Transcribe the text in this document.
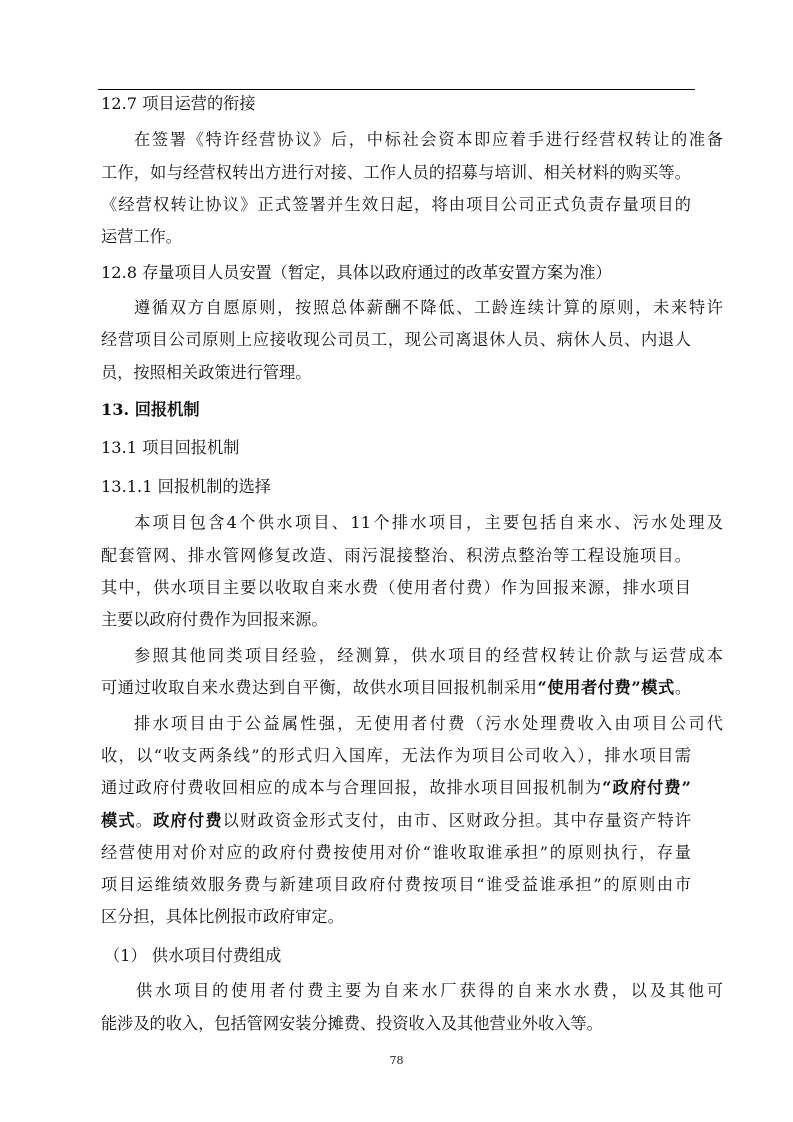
12.7 项目运营的衔接
在签署《特许经营协议》后，中标社会资本即应着手进行经营权转让的准备
工作，如与经营权转出方进行对接、工作人员的招募与培训、相关材料的购买等。
《经营权转让协议》正式签署并生效日起，将由项目公司正式负责存量项目的
运营工作。
12.8 存量项目人员安置（暂定，具体以政府通过的改革安置方案为准）
遵循双方自愿原则，按照总体薪酬不降低、工龄连续计算的原则，未来特许
经营项目公司原则上应接收现公司员工，现公司离退休人员、病休人员、内退人
员，按照相关政策进行管理。
13. 回报机制
13.1 项目回报机制
13.1.1 回报机制的选择
本项目包含4个供水项目、11个排水项目，主要包括自来水、污水处理及
配套管网、排水管网修复改造、雨污混接整治、积涝点整治等工程设施项目。
其中，供水项目主要以收取自来水费（使用者付费）作为回报来源，排水项目
主要以政府付费作为回报来源。
参照其他同类项目经验，经测算，供水项目的经营权转让价款与运营成本
可通过收取自来水费达到自平衡，故供水项目回报机制采用“使用者付费”模式。
排水项目由于公益属性强，无使用者付费（污水处理费收入由项目公司代
收，以“收支两条线”的形式归入国库，无法作为项目公司收入），排水项目需
通过政府付费收回相应的成本与合理回报，故排水项目回报机制为“政府付费”
模式。政府付费以财政资金形式支付，由市、区财政分担。其中存量资产特许
经营使用对价对应的政府付费按使用对价“谁收取谁承担”的原则执行，存量
项目运维绩效服务费与新建项目政府付费按项目“谁受益谁承担”的原则由市
区分担，具体比例报市政府审定。
（1） 供水项目付费组成
供水项目的使用者付费主要为自来水厂获得的自来水水费，以及其他可
能涉及的收入，包括管网安装分摊费、投资收入及其他营业外收入等。
78
